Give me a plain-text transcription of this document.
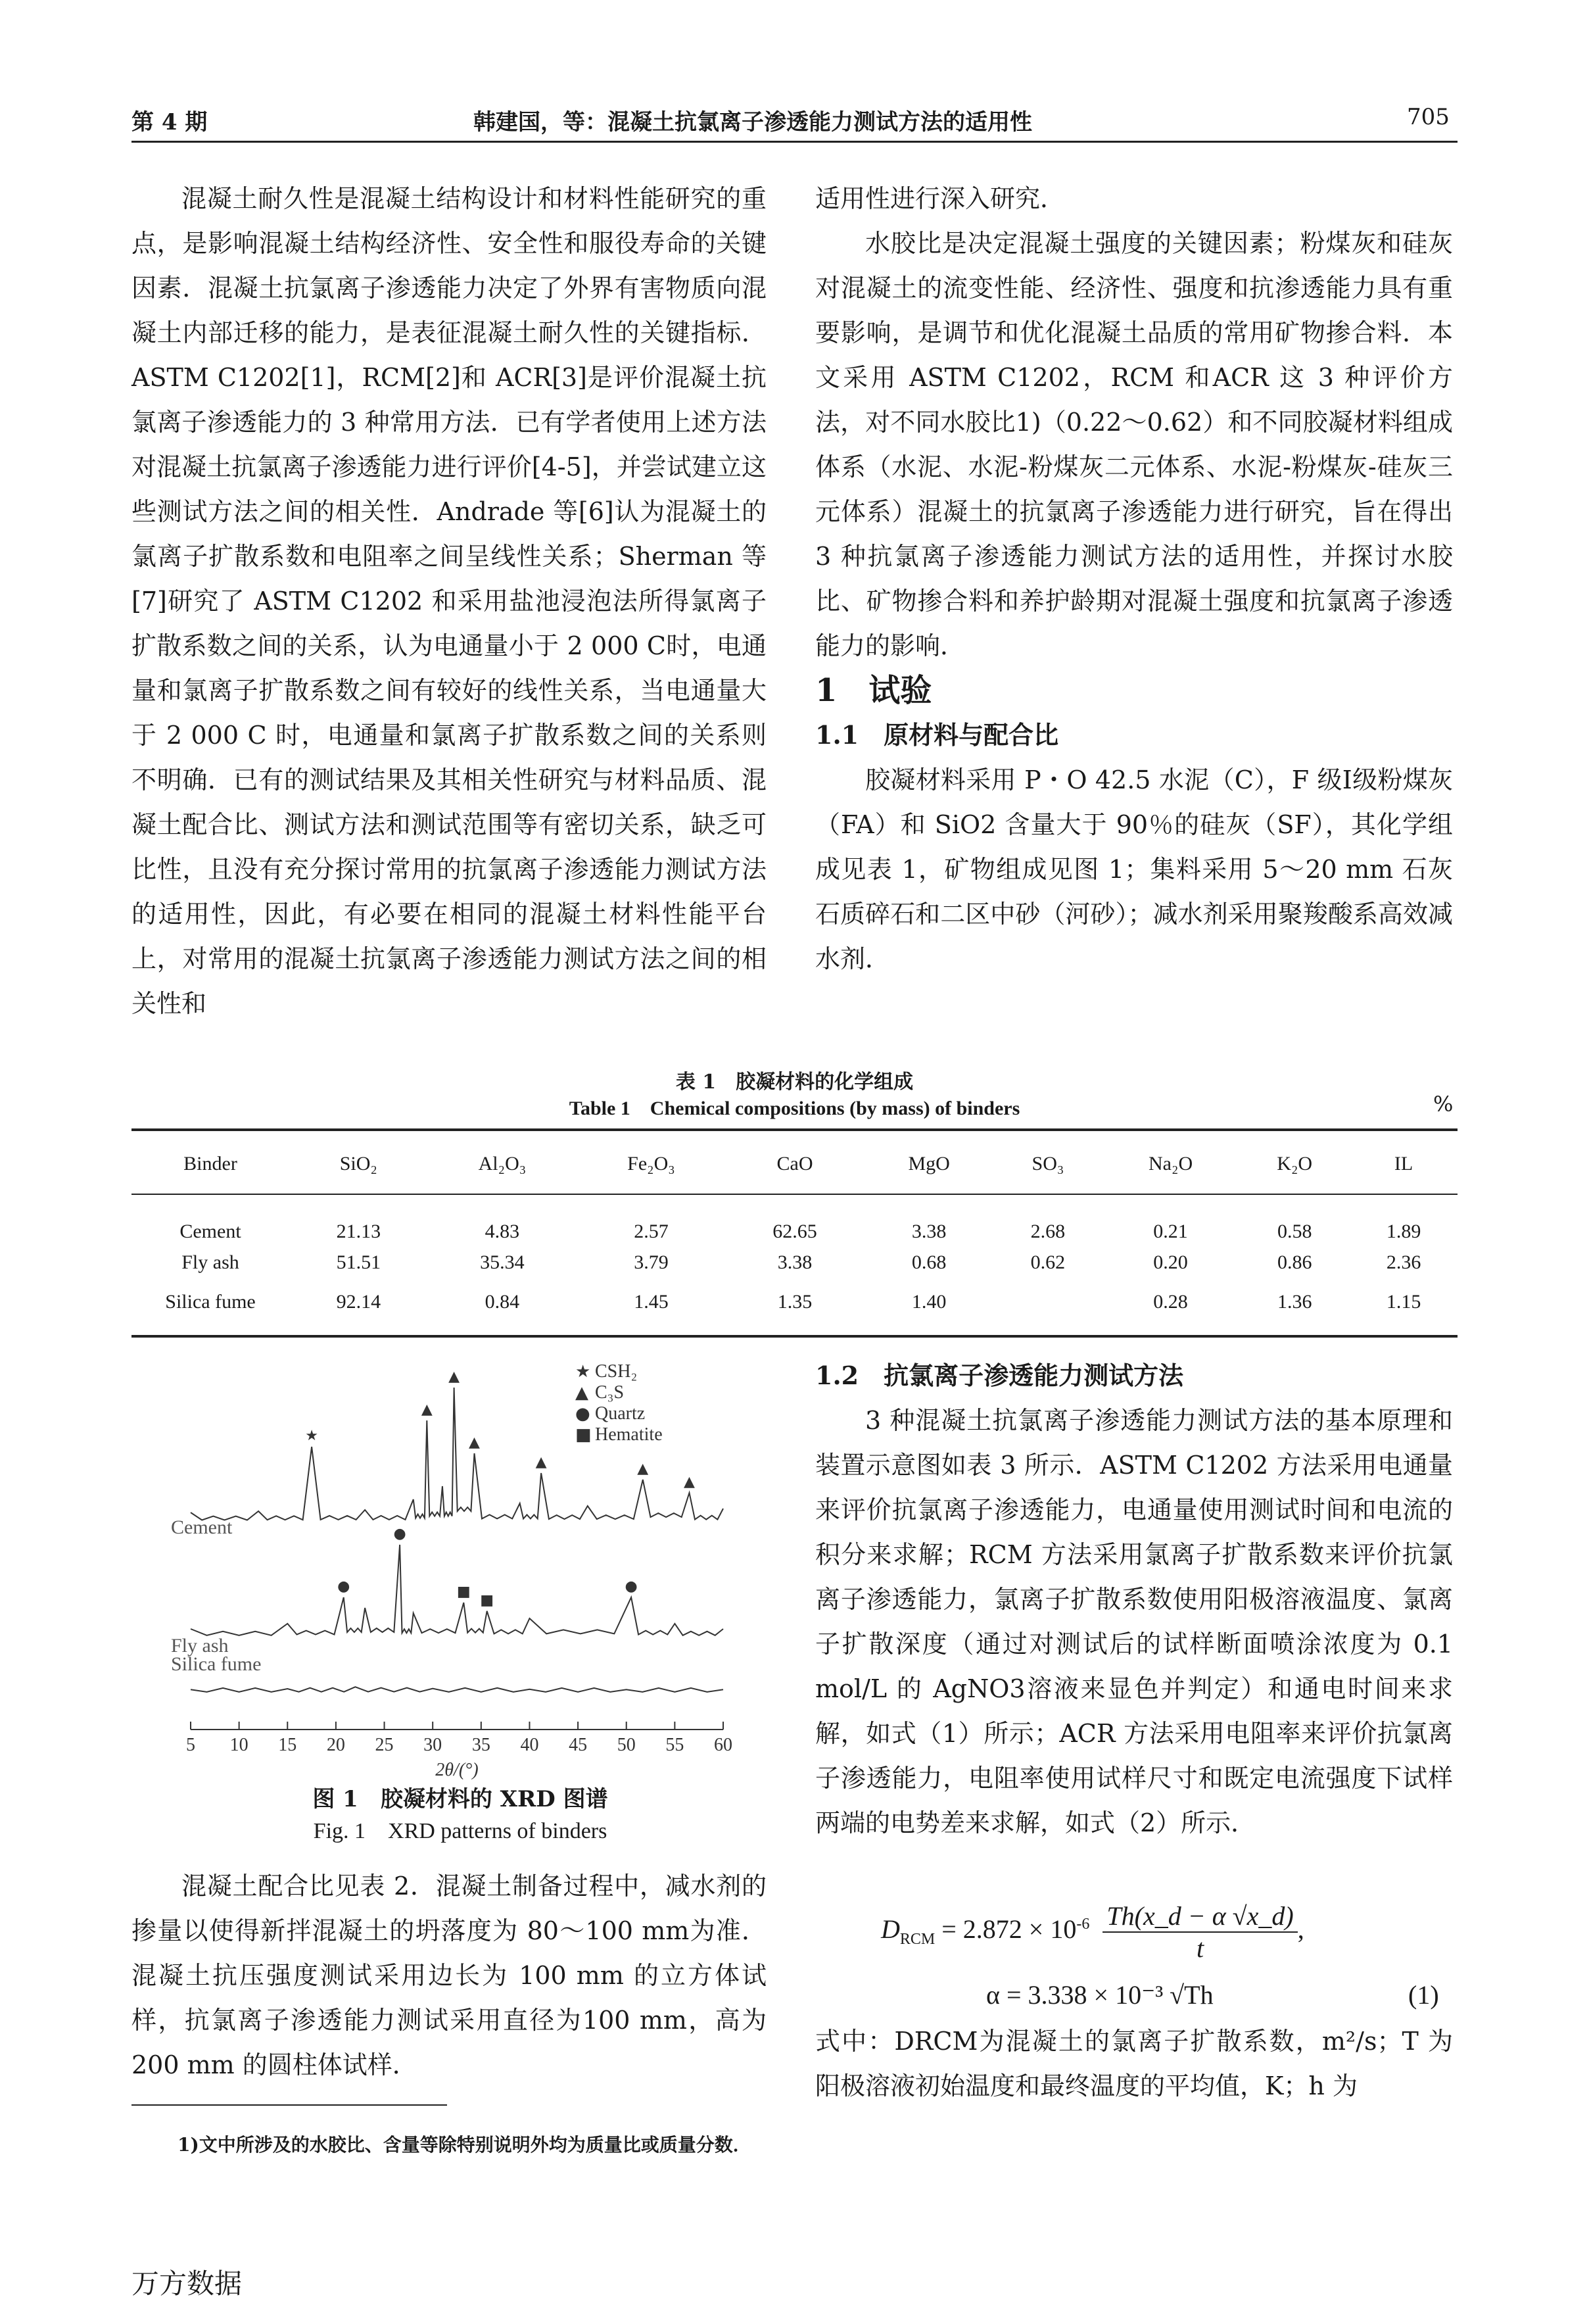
第 4 期	韩建国，等：混凝土抗氯离子渗透能力测试方法的适用性	705

混凝土耐久性是混凝土结构设计和材料性能研究的重点，是影响混凝土结构经济性、安全性和服役寿命的关键因素．混凝土抗氯离子渗透能力决定了外界有害物质向混凝土内部迁移的能力，是表征混凝土耐久性的关键指标．ASTM C1202[1]，RCM[2]和 ACR[3]是评价混凝土抗氯离子渗透能力的 3 种常用方法．已有学者使用上述方法对混凝土抗氯离子渗透能力进行评价[4-5]，并尝试建立这些测试方法之间的相关性．Andrade 等[6]认为混凝土的氯离子扩散系数和电阻率之间呈线性关系；Sherman 等[7]研究了 ASTM C1202 和采用盐池浸泡法所得氯离子扩散系数之间的关系，认为电通量小于 2 000 C时，电通量和氯离子扩散系数之间有较好的线性关系，当电通量大于 2 000 C 时，电通量和氯离子扩散系数之间的关系则不明确．已有的测试结果及其相关性研究与材料品质、混凝土配合比、测试方法和测试范围等有密切关系，缺乏可比性，且没有充分探讨常用的抗氯离子渗透能力测试方法的适用性，因此，有必要在相同的混凝土材料性能平台上，对常用的混凝土抗氯离子渗透能力测试方法之间的相关性和

适用性进行深入研究．

水胶比是决定混凝土强度的关键因素；粉煤灰和硅灰对混凝土的流变性能、经济性、强度和抗渗透能力具有重要影响，是调节和优化混凝土品质的常用矿物掺合料．本文采用 ASTM C1202，RCM 和ACR 这 3 种评价方法，对不同水胶比1)（0.22～0.62）和不同胶凝材料组成体系（水泥、水泥-粉煤灰二元体系、水泥-粉煤灰-硅灰三元体系）混凝土的抗氯离子渗透能力进行研究，旨在得出 3 种抗氯离子渗透能力测试方法的适用性，并探讨水胶比、矿物掺合料和养护龄期对混凝土强度和抗氯离子渗透能力的影响．

1　试验

1.1　原材料与配合比

胶凝材料采用 P・O 42.5 水泥（C），F 级Ⅰ级粉煤灰（FA）和 SiO2 含量大于 90％的硅灰（SF），其化学组成见表 1，矿物组成见图 1；集料采用 5～20 mm 石灰石质碎石和二区中砂（河砂）；减水剂采用聚羧酸系高效减水剂．

表 1　胶凝材料的化学组成
Table 1　Chemical compositions (by mass) of binders	%
Binder	SiO₂	Al₂O₃	Fe₂O₃	CaO	MgO	SO₃	Na₂O	K₂O	IL

Cement	21.13	4.83	2.57	62.65	3.38	2.68	0.21	0.58	1.89
Fly ash	51.51	35.34	3.79	3.38	0.68	0.62	0.20	0.86	2.36
Silica fume	92.14	0.84	1.45	1.35	1.40		0.28	1.36	1.15
Cement
Fly ash
Silica fume
5 10 15 20 25 30 35 40 45 50 55 60
2θ/(°)
★ CSH₂
▲ C₃S
● Quartz
■ Hematite
★
▲
▲
▲
▲	▲
▲
●
●
■
■
●
图 1　胶凝材料的 XRD 图谱
Fig. 1　XRD patterns of binders

混凝土配合比见表 2．混凝土制备过程中，减水剂的掺量以使得新拌混凝土的坍落度为 80～100 mm为准．混凝土抗压强度测试采用边长为 100 mm 的立方体试样，抗氯离子渗透能力测试采用直径为100 mm，高为 200 mm 的圆柱体试样．

1.2　抗氯离子渗透能力测试方法

3 种混凝土抗氯离子渗透能力测试方法的基本原理和装置示意图如表 3 所示．ASTM C1202 方法采用电通量来评价抗氯离子渗透能力，电通量使用测试时间和电流的积分来求解；RCM 方法采用氯离子扩散系数来评价抗氯离子渗透能力，氯离子扩散系数使用阳极溶液温度、氯离子扩散深度（通过对测试后的试样断面喷涂浓度为 0.1 mol/L 的 AgNO3溶液来显色并判定）和通电时间来求解，如式（1）所示；ACR 方法采用电阻率来评价抗氯离子渗透能力，电阻率使用试样尺寸和既定电流强度下试样两端的电势差来求解，如式（2）所示．

$D_{RCM} = 2.872 \times 10^{-6} \frac{Th(x\_d - \alpha √x\_d)}{t}$ ,
α = 3.338 × 10⁻³ √Th	(1)

式中：DRCM为混凝土的氯离子扩散系数，m²/s；T 为阳极溶液初始温度和最终温度的平均值，K；h 为

1)文中所涉及的水胶比、含量等除特别说明外均为质量比或质量分数．
万方数据
